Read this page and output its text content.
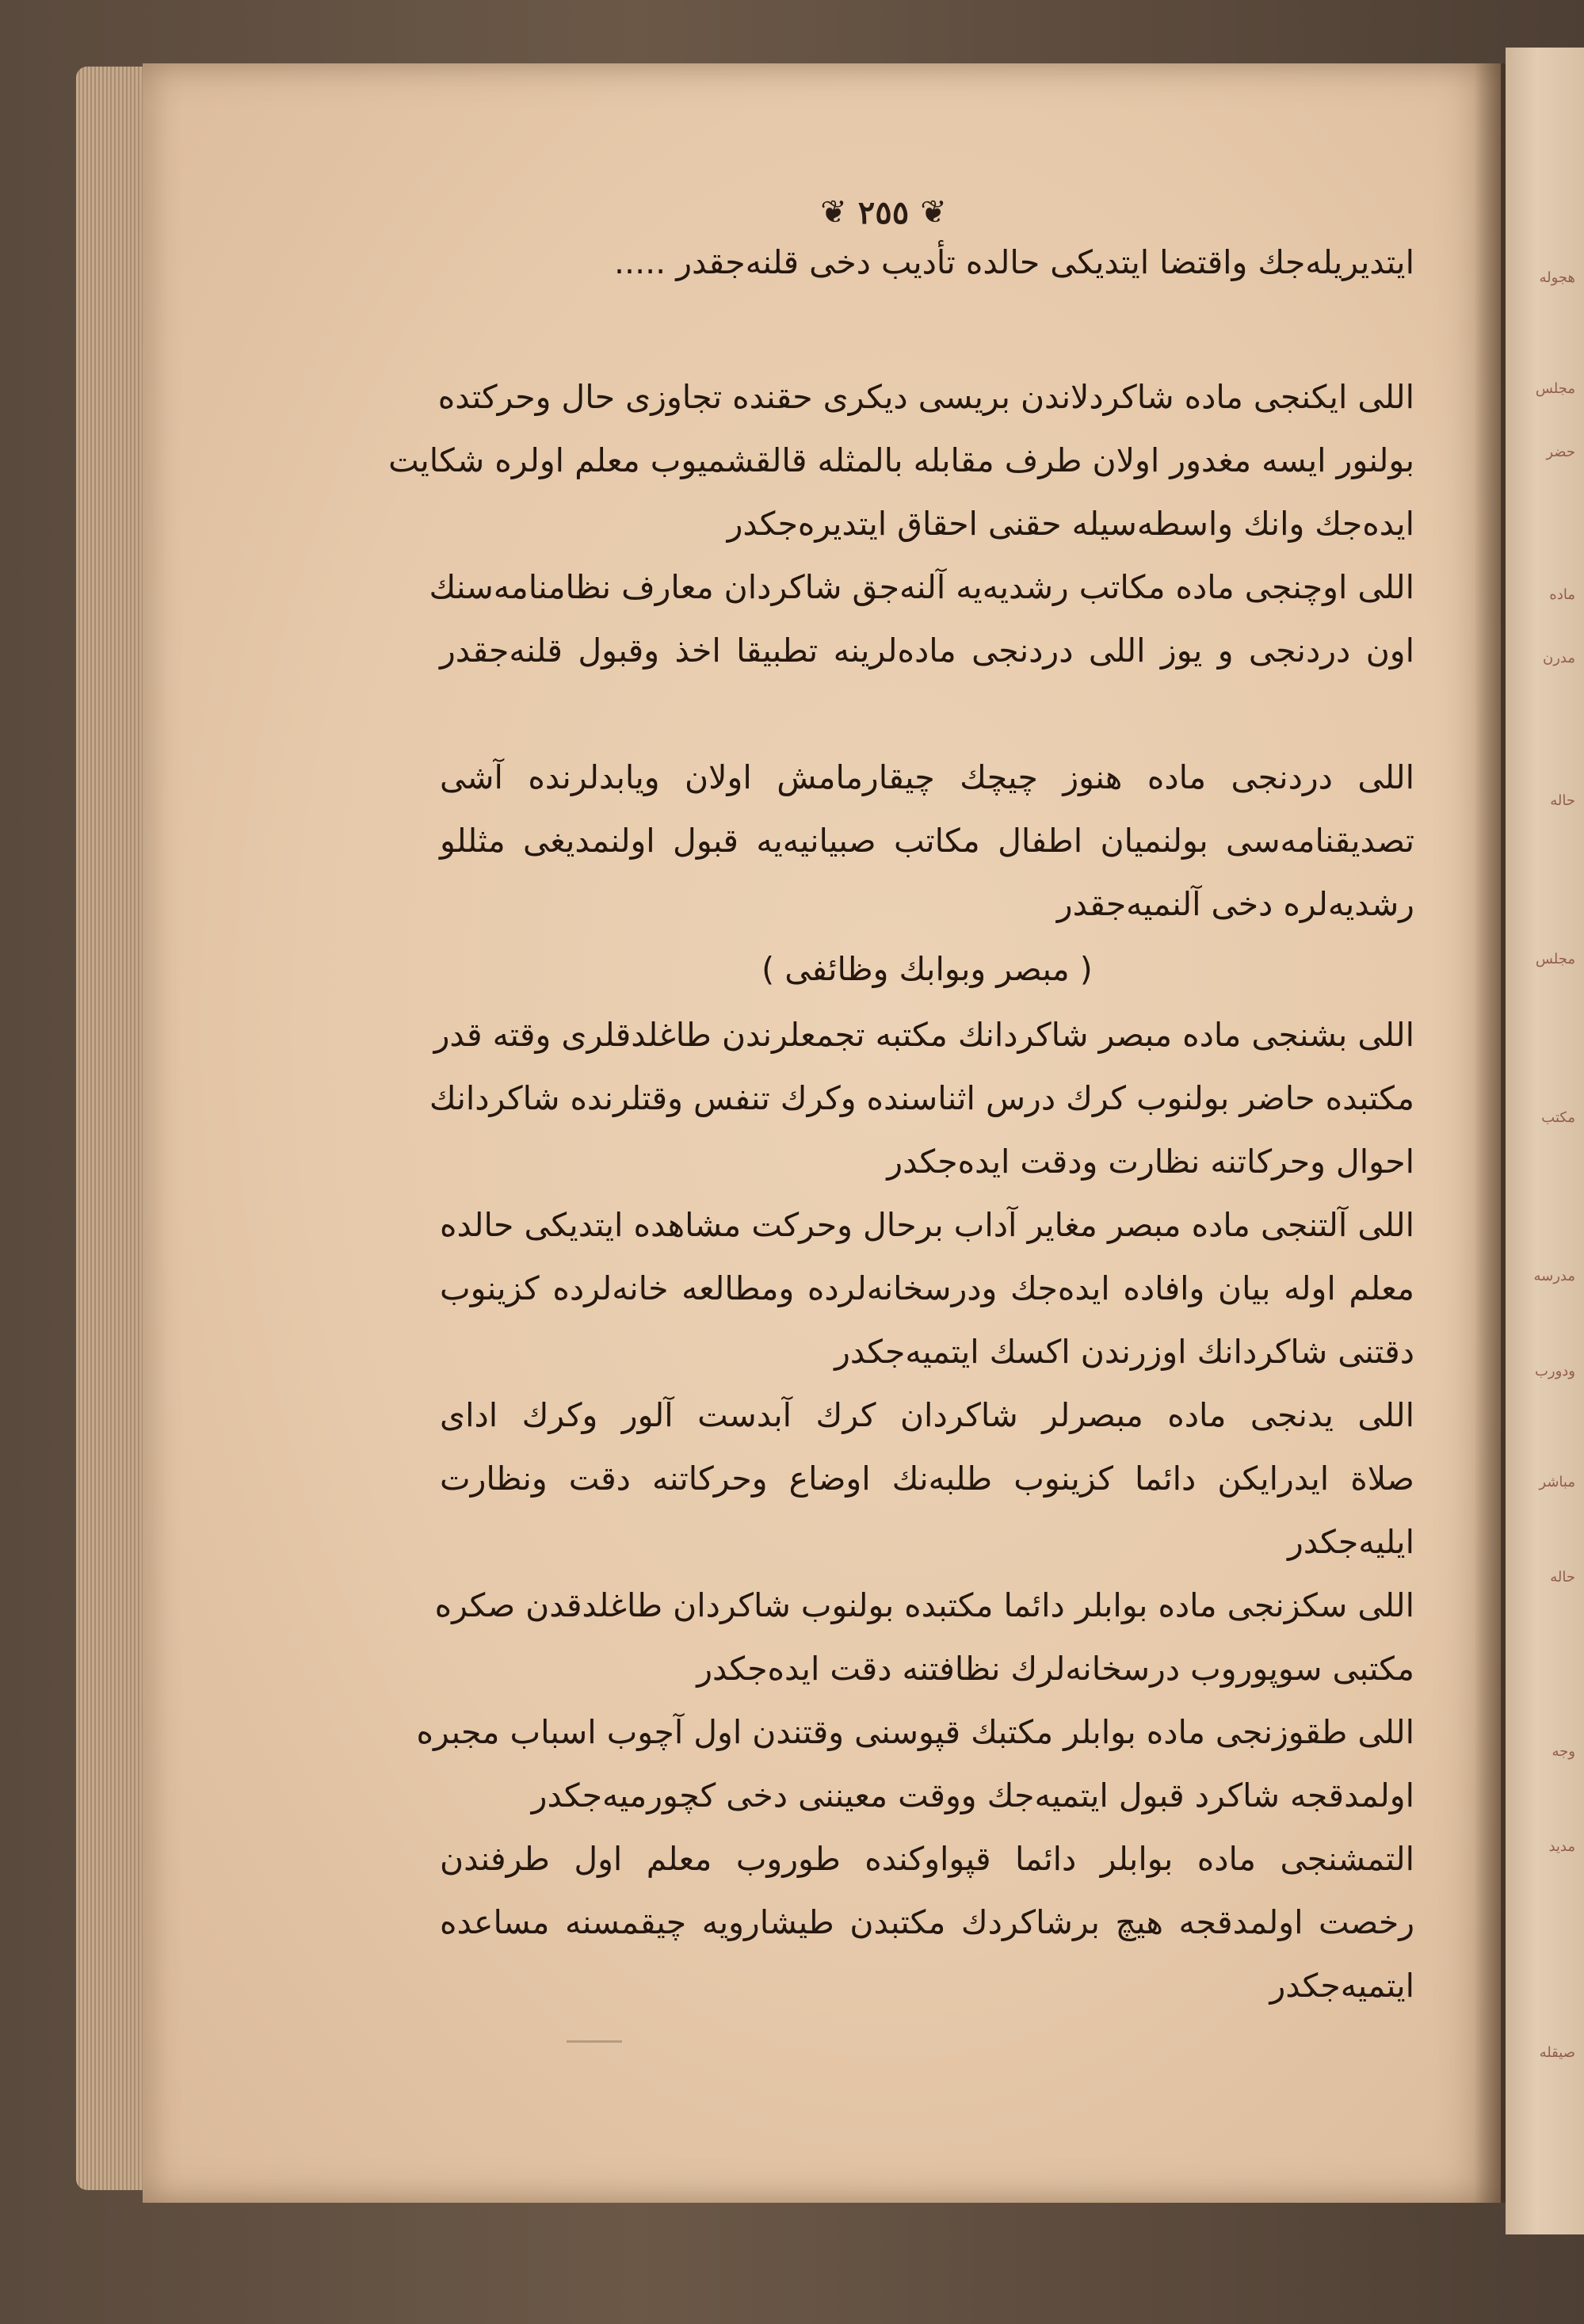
هجوله
مجلس
حضر
ماده
مدرن
حاله
مجلس
مكتب
مدرسه
ودورب
مباشر
حاله
وجه
مدید
صیقله
❦ ٢٥٥ ❦
ایتدیریله‌جك واقتضا ایتدیكی حالده تأدیب دخی قلنه‌جقدر .....
اللی ایكنجی ماده شاكردلاندن بریسی دیكری حقنده تجاوزی حال وحركتده
بولنور ایسه مغدور اولان طرف مقابله بالمثله قالقشمیوب معلم اولره شكایت
ایده‌جك وانك واسطه‌سیله حقنی احقاق ایتدیره‌جكدر
اللی اوچنجی ماده مكاتب رشدیه‌یه آلنه‌جق شاكردان معارف نظامنامه‌سنك
اون دردنجی و یوز اللی دردنجی ماده‌لرینه تطبیقا اخذ وقبول قلنه‌جقدر
اللی دردنجی ماده هنوز چیچك چیقارمامش اولان ویابدلرنده آشی
تصدیقنامه‌سی بولنمیان اطفال مكاتب صبیانیه‌یه قبول اولنمدیغی مثللو
رشدیه‌لره دخی آلنمیه‌جقدر
( مبصر وبوابك وظائفی )
اللی بشنجی ماده مبصر شاكردانك مكتبه تجمعلرندن طاغلدقلری وقته قدر
مكتبده حاضر بولنوب كرك درس اثناسنده وكرك تنفس وقتلرنده شاكردانك
احوال وحركاتنه نظارت ودقت ایده‌جكدر
اللی آلتنجی ماده مبصر مغایر آداب برحال وحركت مشاهده ایتدیكی حالده
معلم اوله بیان وافاده ایده‌جك ودرسخانه‌لرده ومطالعه خانه‌لرده كزینوب
دقتنی شاكردانك اوزرندن اكسك ایتمیه‌جكدر
اللی یدنجی ماده مبصرلر شاكردان كرك آبدست آلور وكرك ادای
صلاة ایدرایكن دائما كزینوب طلبه‌نك اوضاع وحركاتنه دقت ونظارت
ایلیه‌جكدر
اللی سكزنجی ماده بوابلر دائما مكتبده بولنوب شاكردان طاغلدقدن صكره
مكتبی سوپوروب درسخانه‌لرك نظافتنه دقت ایده‌جكدر
اللی طقوزنجی ماده بوابلر مكتبك قپوسنی وقتندن اول آچوب اسباب مجبره
اولمدقجه شاكرد قبول ایتمیه‌جك ووقت معیننی دخی كچورمیه‌جكدر
التمشنجی ماده بوابلر دائما قپواوكنده طوروب معلم اول طرفندن
رخصت اولمدقجه هیچ برشاكردك مكتبدن طیشارویه چیقمسنه مساعده
ایتمیه‌جكدر
